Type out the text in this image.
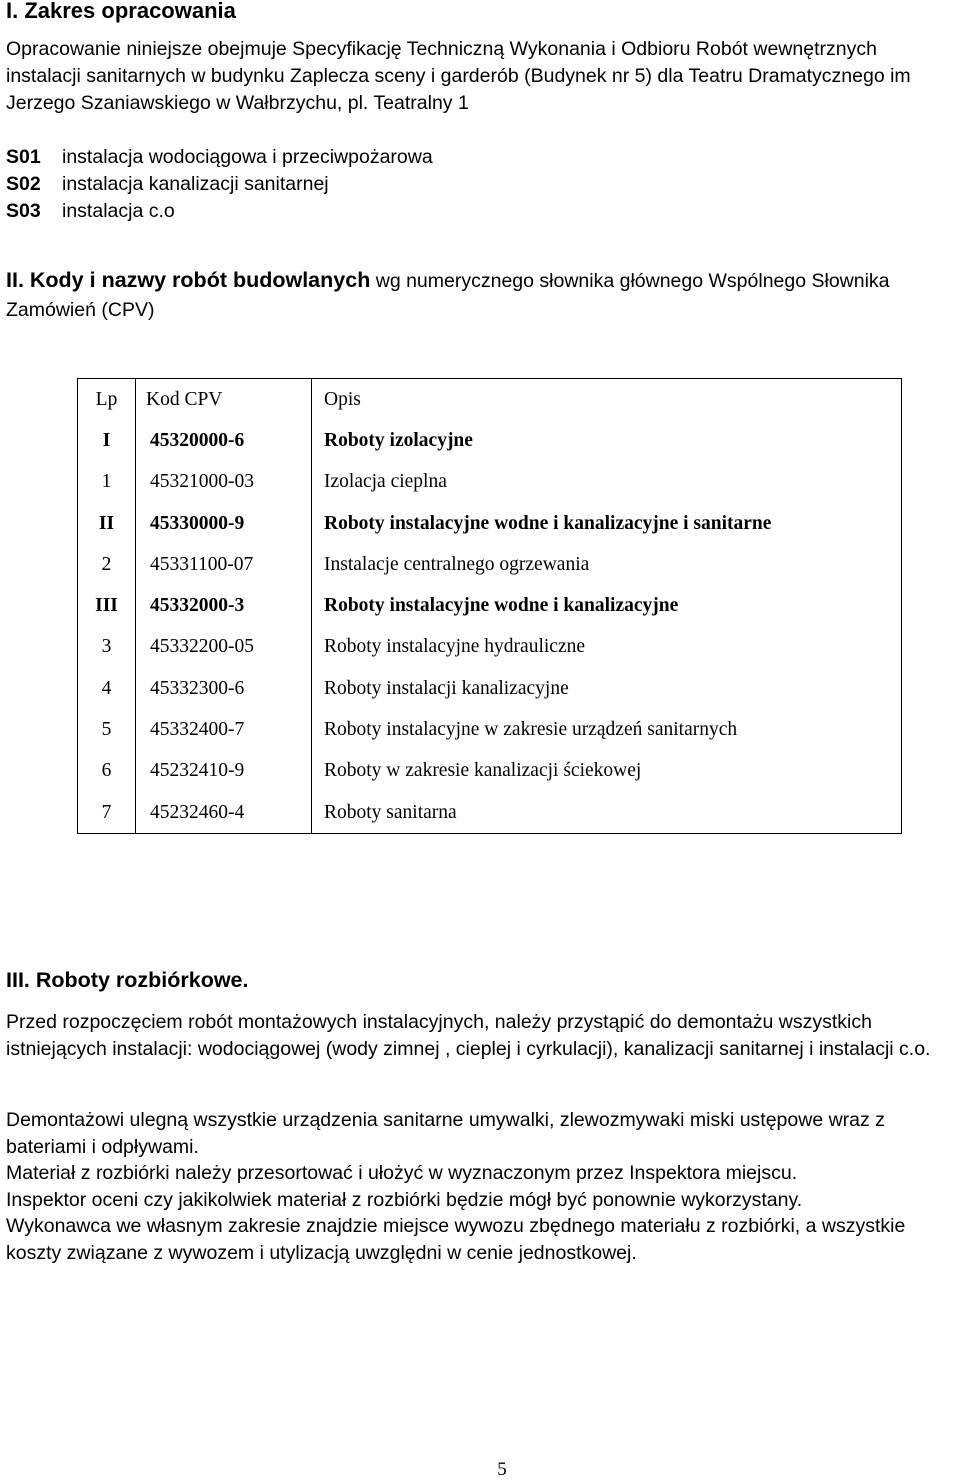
I. Zakres opracowania

Opracowanie niniejsze obejmuje Specyfikację Techniczną Wykonania i Odbioru Robót wewnętrznych instalacji sanitarnych w budynku Zaplecza sceny i garderób (Budynek nr 5) dla Teatru Dramatycznego im Jerzego Szaniawskiego w Wałbrzychu, pl. Teatralny 1

S01 instalacja wodociągowa i przeciwpożarowa
S02 instalacja kanalizacji sanitarnej
S03 instalacja c.o

II. Kody i nazwy robót budowlanych wg numerycznego słownika głównego Wspólnego Słownika Zamówień (CPV)

Lp	Kod CPV	Opis
I	45320000-6	Roboty izolacyjne
1	45321000-03	Izolacja cieplna
II	45330000-9	Roboty instalacyjne wodne i kanalizacyjne i sanitarne
2	45331100-07	Instalacje centralnego ogrzewania
III	45332000-3	Roboty instalacyjne wodne i kanalizacyjne
3	45332200-05	Roboty instalacyjne hydrauliczne
4	45332300-6	Roboty instalacji kanalizacyjne
5	45332400-7	Roboty instalacyjne w zakresie urządzeń sanitarnych
6	45232410-9	Roboty w zakresie kanalizacji ściekowej
7	45232460-4	Roboty sanitarna
III. Roboty rozbiórkowe.

Przed rozpoczęciem robót montażowych instalacyjnych, należy przystąpić do demontażu wszystkich istniejących instalacji: wodociągowej (wody zimnej , cieplej i cyrkulacji), kanalizacji sanitarnej i instalacji c.o.

Demontażowi ulegną wszystkie urządzenia sanitarne umywalki, zlewozmywaki miski ustępowe wraz z bateriami i odpływami.
Materiał z rozbiórki należy przesortować i ułożyć w wyznaczonym przez Inspektora miejscu.
Inspektor oceni czy jakikolwiek materiał z rozbiórki będzie mógł być ponownie wykorzystany.
Wykonawca we własnym zakresie znajdzie miejsce wywozu zbędnego materiału z rozbiórki, a wszystkie koszty związane z wywozem i utylizacją uwzględni w cenie jednostkowej.
5
